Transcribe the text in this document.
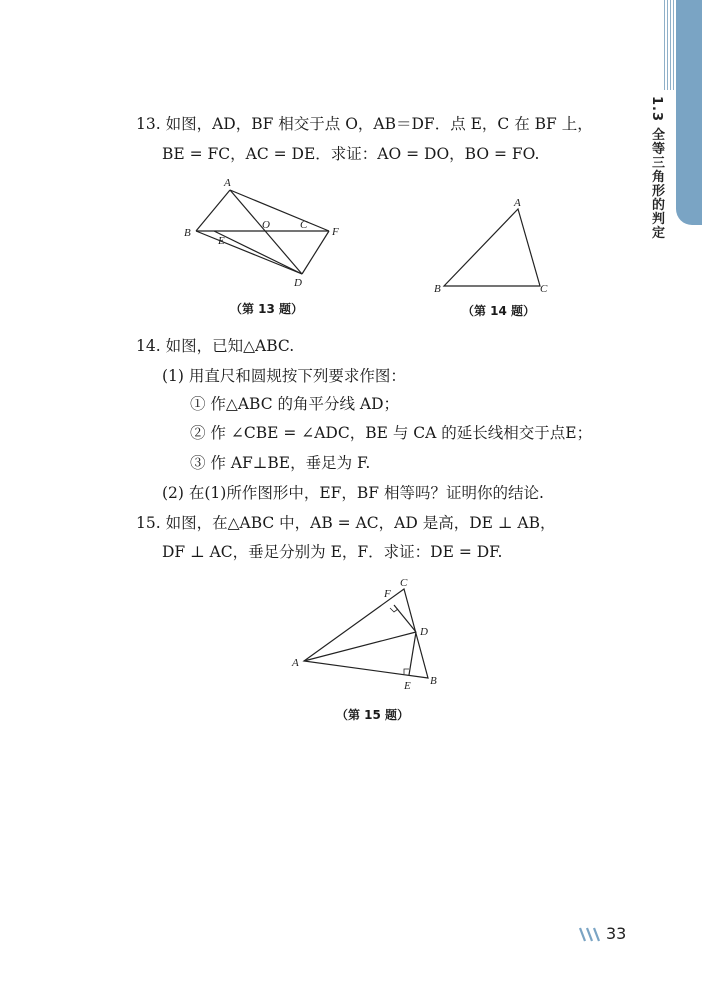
1.3 全等三角形的判定
13. 如图，AD，BF 相交于点 O，AB＝DF．点 E，C 在 BF 上，
BE = FC，AC = DE．求证：AO = DO，BO = FO.
A
B
E
O	C
F
D
（第 13 题）
A
B	C
（第 14 题）
14. 如图，已知△ABC.
(1) 用直尺和圆规按下列要求作图：
① 作△ABC 的角平分线 AD；
② 作 ∠CBE = ∠ADC，BE 与 CA 的延长线相交于点E；
③ 作 AF⊥BE，垂足为 F.
(2) 在(1)所作图形中，EF，BF 相等吗？证明你的结论.
15. 如图，在△ABC 中，AB = AC，AD 是高，DE ⊥ AB，
DF ⊥ AC，垂足分别为 E，F．求证：DE = DF.
C
F
D
A
E B
（第 15 题）
33
